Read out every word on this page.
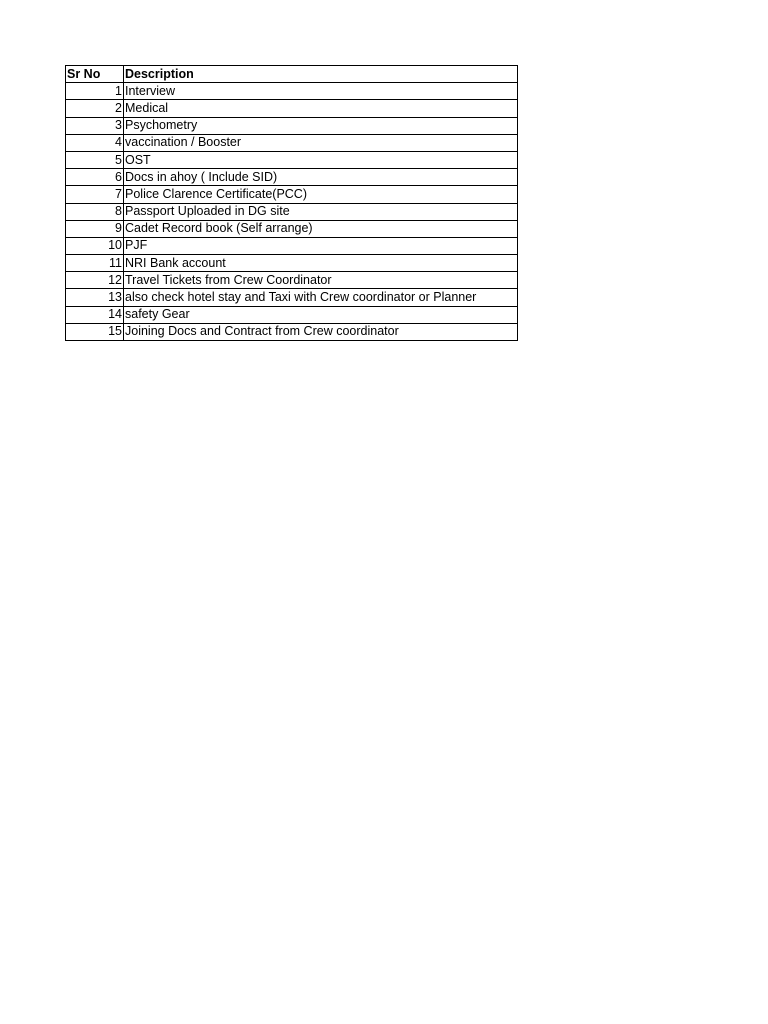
Sr No	Description
1	Interview
2	Medical
3	Psychometry
4	vaccination / Booster
5	OST
6	Docs in ahoy ( Include SID)
7	Police Clarence Certificate(PCC)
8	Passport Uploaded in DG site
9	Cadet Record book (Self arrange)
10	PJF
11	NRI Bank account
12	Travel Tickets from Crew Coordinator
13	also check hotel stay and Taxi with Crew coordinator or Planner
14	safety Gear
15	Joining Docs and Contract from Crew coordinator
